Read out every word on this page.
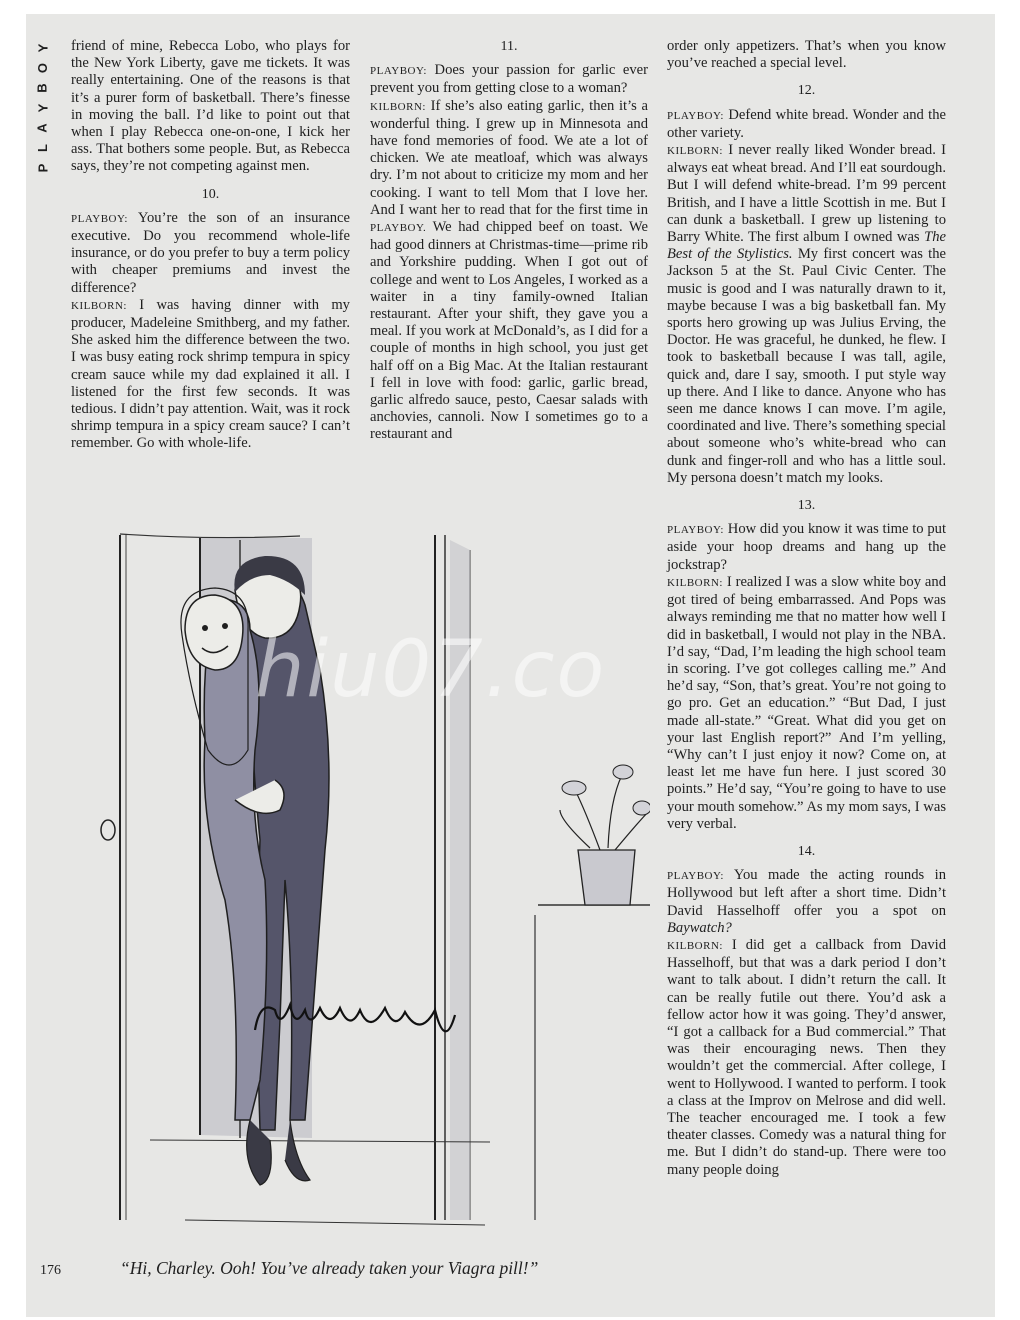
Y
O
B
Y
A
L
P

friend of mine, Rebecca Lobo, who plays for the New York Liberty, gave me tickets. It was really entertaining. One of the reasons is that it’s a purer form of basketball. There’s finesse in moving the ball. I’d like to point out that when I play Rebecca one-on-one, I kick her ass. That bothers some people. But, as Rebecca says, they’re not competing against men.

10.

PLAYBOY: You’re the son of an insurance executive. Do you recommend whole-life insurance, or do you prefer to buy a term policy with cheaper premiums and invest the difference?

KILBORN: I was having dinner with my producer, Madeleine Smithberg, and my father. She asked him the difference between the two. I was busy eating rock shrimp tempura in spicy cream sauce while my dad explained it all. I listened for the first few seconds. It was tedious. I didn’t pay attention. Wait, was it rock shrimp tempura in a spicy cream sauce? I can’t remember. Go with whole-life.

11.

PLAYBOY: Does your passion for garlic ever prevent you from getting close to a woman?

KILBORN: If she’s also eating garlic, then it’s a wonderful thing. I grew up in Minnesota and have fond memories of food. We ate a lot of chicken. We ate meatloaf, which was always dry. I’m not about to criticize my mom and her cooking. I want to tell Mom that I love her. And I want her to read that for the first time in PLAYBOY. We had chipped beef on toast. We had good dinners at Christmas-time—prime rib and Yorkshire pudding. When I got out of college and went to Los Angeles, I worked as a waiter in a tiny family-owned Italian restaurant. After your shift, they gave you a meal. If you work at McDonald’s, as I did for a couple of months in high school, you just get half off on a Big Mac. At the Italian restaurant I fell in love with food: garlic, garlic bread, garlic alfredo sauce, pesto, Caesar salads with anchovies, cannoli. Now I sometimes go to a restaurant and

order only appetizers. That’s when you know you’ve reached a special level.

12.

PLAYBOY: Defend white bread. Wonder and the other variety.

KILBORN: I never really liked Wonder bread. I always eat wheat bread. And I’ll eat sourdough. But I will defend white-bread. I’m 99 percent British, and I have a little Scottish in me. But I can dunk a basketball. I grew up listening to Barry White. The first album I owned was The Best of the Stylistics. My first concert was the Jackson 5 at the St. Paul Civic Center. The music is good and I was naturally drawn to it, maybe because I was a big basketball fan. My sports hero growing up was Julius Erving, the Doctor. He was graceful, he dunked, he flew. I took to basketball because I was tall, agile, quick and, dare I say, smooth. I put style way up there. And I like to dance. Anyone who has seen me dance knows I can move. I’m agile, coordinated and live. There’s something special about someone who’s white-bread who can dunk and finger-roll and who has a little soul. My persona doesn’t match my looks.

13.

PLAYBOY: How did you know it was time to put aside your hoop dreams and hang up the jockstrap?

KILBORN: I realized I was a slow white boy and got tired of being embarrassed. And Pops was always reminding me that no matter how well I did in basketball, I would not play in the NBA. I’d say, “Dad, I’m leading the high school team in scoring. I’ve got colleges calling me.” And he’d say, “Son, that’s great. You’re not going to go pro. Get an education.” “But Dad, I just made all-state.” “Great. What did you get on your last English report?” And I’m yelling, “Why can’t I just enjoy it now? Come on, at least let me have fun here. I just scored 30 points.” He’d say, “You’re going to have to use your mouth somehow.” As my mom says, I was very verbal.

14.

PLAYBOY: You made the acting rounds in Hollywood but left after a short time. Didn’t David Hasselhoff offer you a spot on Baywatch?

KILBORN: I did get a callback from David Hasselhoff, but that was a dark period I don’t want to talk about. I didn’t return the call. It can be really futile out there. You’d ask a fellow actor how it was going. They’d answer, “I got a callback for a Bud commercial.” That was their encouraging news. Then they wouldn’t get the commercial. After college, I went to Hollywood. I wanted to perform. I took a class at the Improv on Melrose and did well. The teacher encouraged me. I took a few theater classes. Comedy was a natural thing for me. But I didn’t do stand-up. There were too many people doing

hiu07.co
176	“Hi, Charley. Ooh! You’ve already taken your Viagra pill!”
